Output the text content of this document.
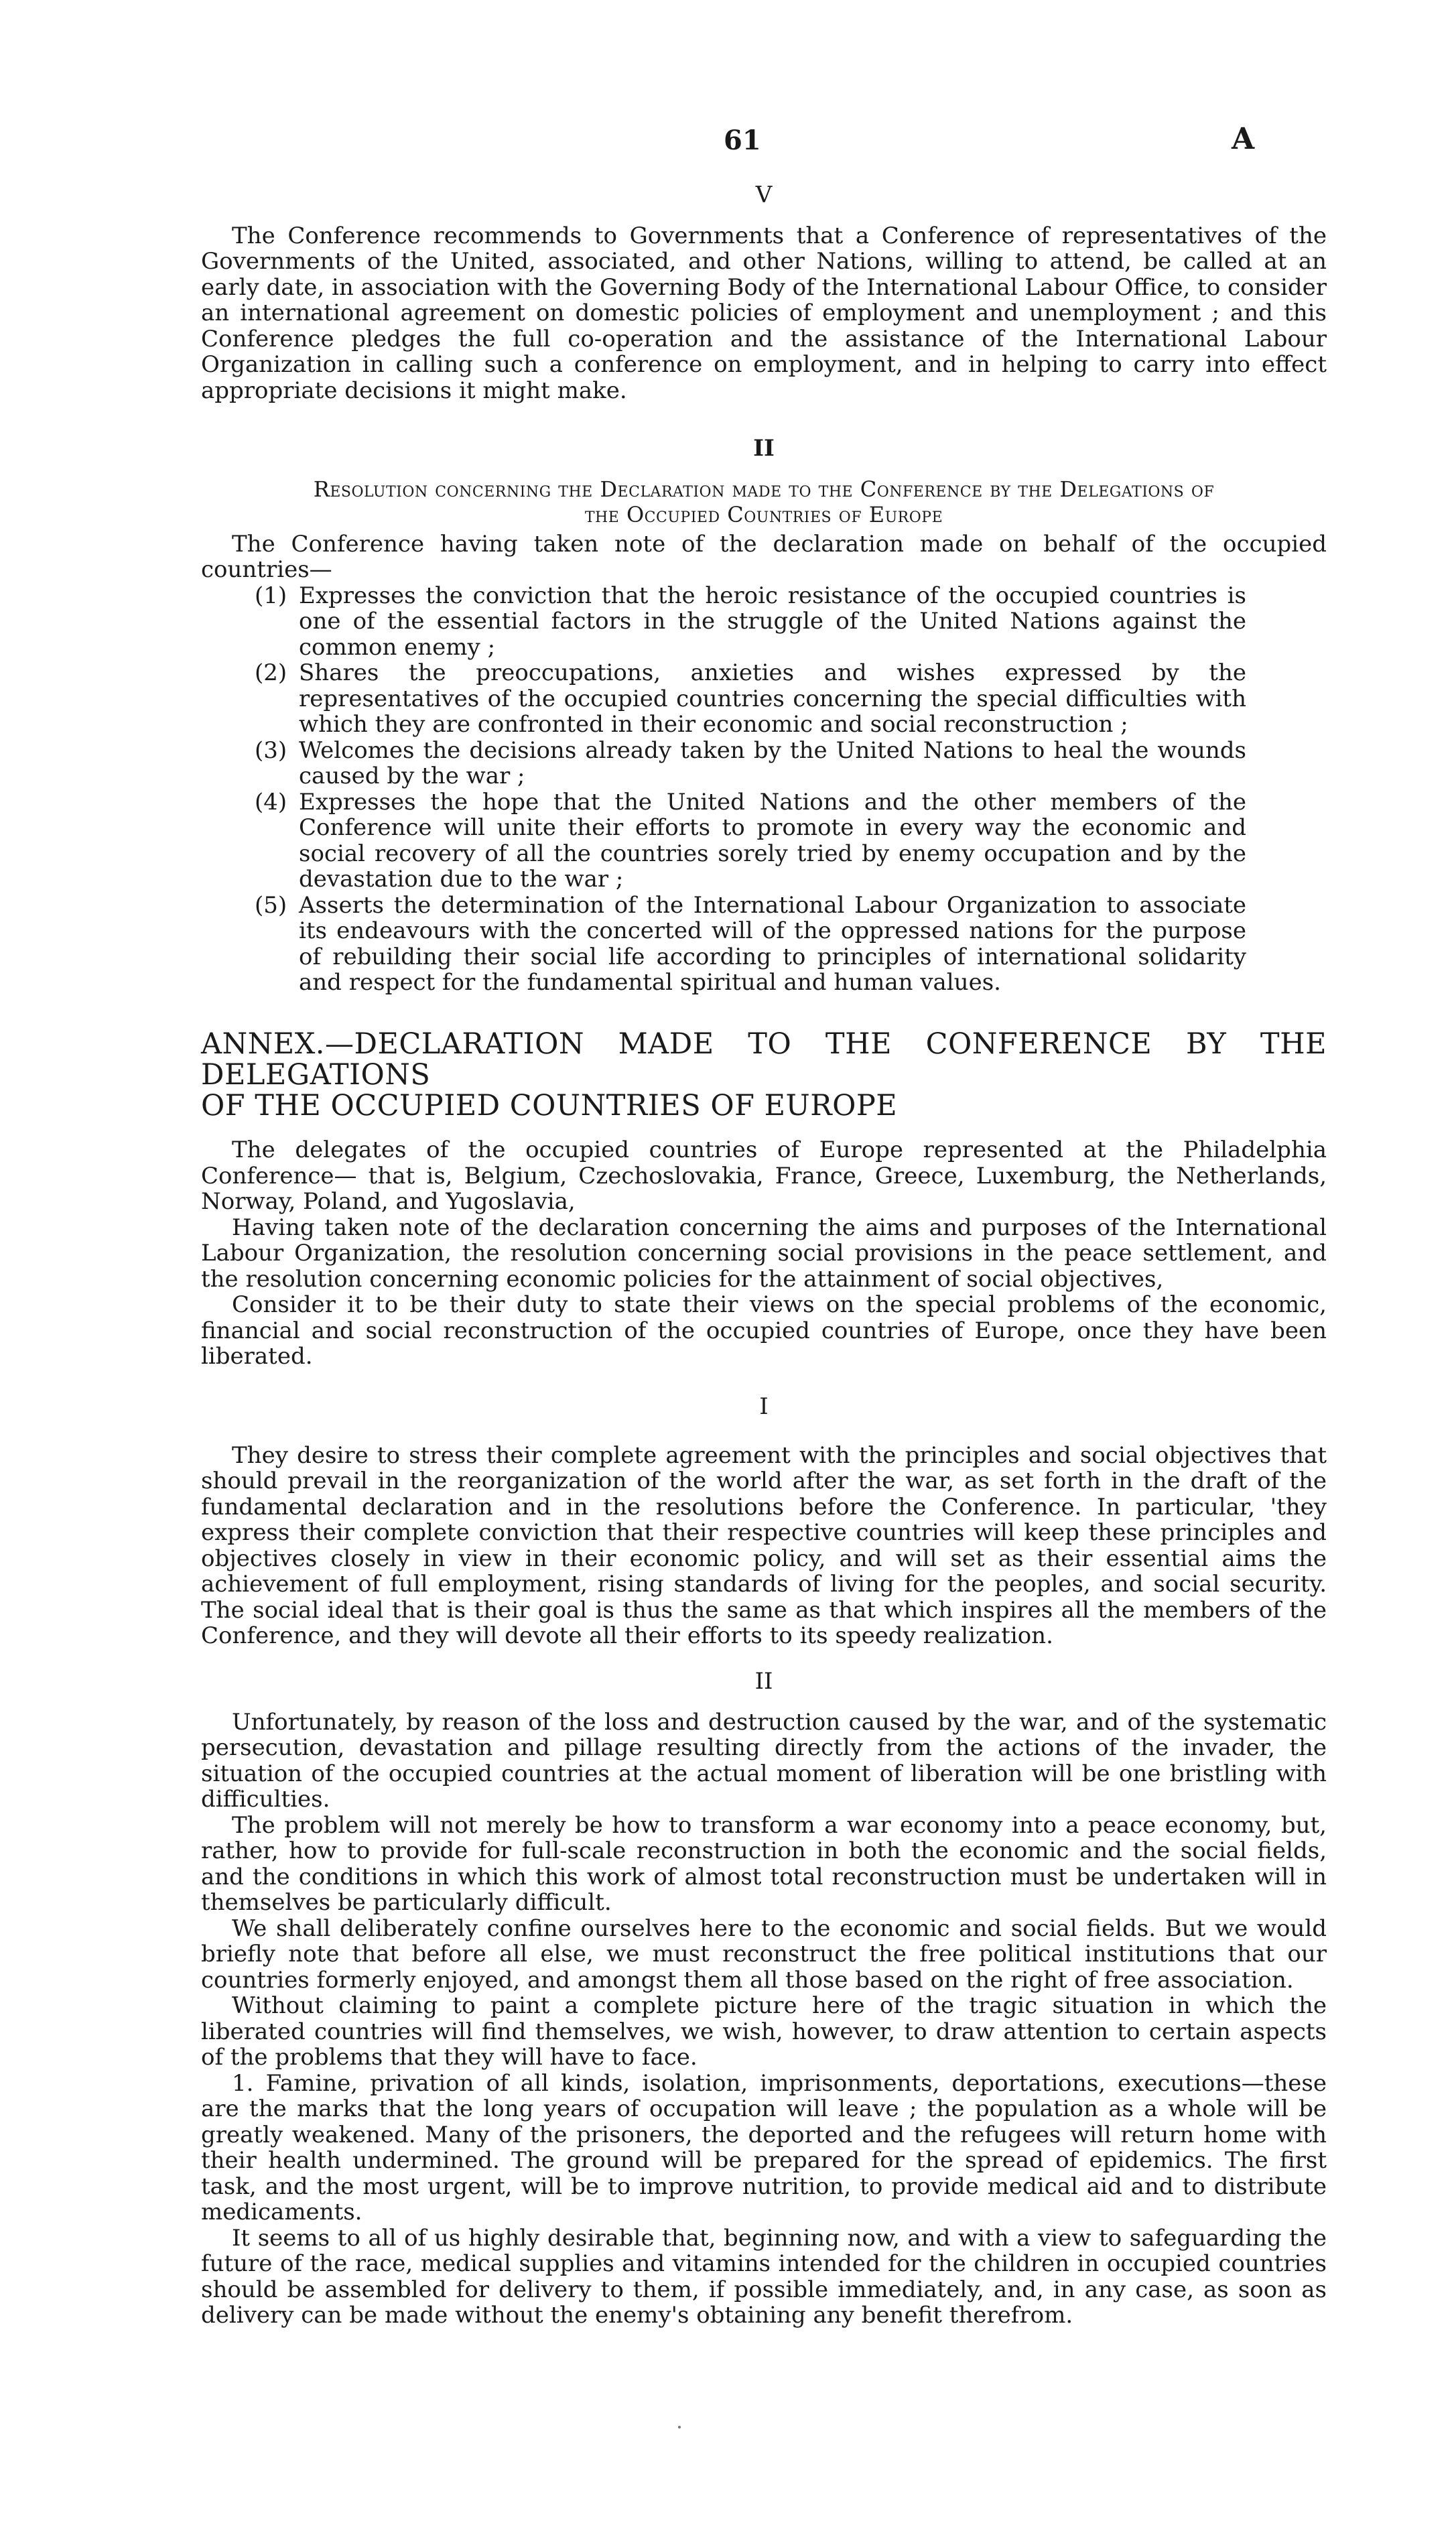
61	A

V

The Conference recommends to Governments that a Conference of representatives of the Governments of the United, associated, and other Nations, willing to attend, be called at an early date, in association with the Governing Body of the International Labour Office, to consider an international agreement on domestic policies of employment and unemployment ; and this Conference pledges the full co-operation and the assistance of the International Labour Organization in calling such a conference on employment, and in helping to carry into effect appropriate decisions it might make.

II

Resolution concerning the Declaration made to the Conference by the Delegations of

the Occupied Countries of Europe

The Conference having taken note of the declaration made on behalf of the occupied countries—

(1) Expresses the conviction that the heroic resistance of the occupied countries is one of the essential factors in the struggle of the United Nations against the common enemy ;
(2) Shares the preoccupations, anxieties and wishes expressed by the representatives of the occupied countries concerning the special difficulties with which they are confronted in their economic and social reconstruction ;
(3) Welcomes the decisions already taken by the United Nations to heal the wounds caused by the war ;
(4) Expresses the hope that the United Nations and the other members of the Conference will unite their efforts to promote in every way the economic and social recovery of all the countries sorely tried by enemy occupation and by the devastation due to the war ;
(5) Asserts the determination of the International Labour Organization to associate its endeavours with the concerted will of the oppressed nations for the purpose of rebuilding their social life according to principles of international solidarity and respect for the fundamental spiritual and human values.

ANNEX.—DECLARATION MADE TO THE CONFERENCE BY THE DELEGATIONS

OF THE OCCUPIED COUNTRIES OF EUROPE

The delegates of the occupied countries of Europe represented at the Philadelphia Conference— that is, Belgium, Czechoslovakia, France, Greece, Luxemburg, the Netherlands, Norway, Poland, and Yugoslavia,

Having taken note of the declaration concerning the aims and purposes of the International Labour Organization, the resolution concerning social provisions in the peace settlement, and the resolution concerning economic policies for the attainment of social objectives,

Consider it to be their duty to state their views on the special problems of the economic, financial and social reconstruction of the occupied countries of Europe, once they have been liberated.

I

They desire to stress their complete agreement with the principles and social objectives that should prevail in the reorganization of the world after the war, as set forth in the draft of the fundamental declaration and in the resolutions before the Conference. In particular, 'they express their complete conviction that their respective countries will keep these principles and objectives closely in view in their economic policy, and will set as their essential aims the achievement of full employment, rising standards of living for the peoples, and social security. The social ideal that is their goal is thus the same as that which inspires all the members of the Conference, and they will devote all their efforts to its speedy realization.

II

Unfortunately, by reason of the loss and destruction caused by the war, and of the systematic persecution, devastation and pillage resulting directly from the actions of the invader, the situation of the occupied countries at the actual moment of liberation will be one bristling with difficulties.

The problem will not merely be how to transform a war economy into a peace economy, but, rather, how to provide for full-scale reconstruction in both the economic and the social fields, and the conditions in which this work of almost total reconstruction must be undertaken will in themselves be particularly difficult.

We shall deliberately confine ourselves here to the economic and social fields. But we would briefly note that before all else, we must reconstruct the free political institutions that our countries formerly enjoyed, and amongst them all those based on the right of free association.

Without claiming to paint a complete picture here of the tragic situation in which the liberated countries will find themselves, we wish, however, to draw attention to certain aspects of the problems that they will have to face.

1. Famine, privation of all kinds, isolation, imprisonments, deportations, executions—these are the marks that the long years of occupation will leave ; the population as a whole will be greatly weakened. Many of the prisoners, the deported and the refugees will return home with their health undermined. The ground will be prepared for the spread of epidemics. The first task, and the most urgent, will be to improve nutrition, to provide medical aid and to distribute medicaments.

It seems to all of us highly desirable that, beginning now, and with a view to safeguarding the future of the race, medical supplies and vitamins intended for the children in occupied countries should be assembled for delivery to them, if possible immediately, and, in any case, as soon as delivery can be made without the enemy's obtaining any benefit therefrom.
